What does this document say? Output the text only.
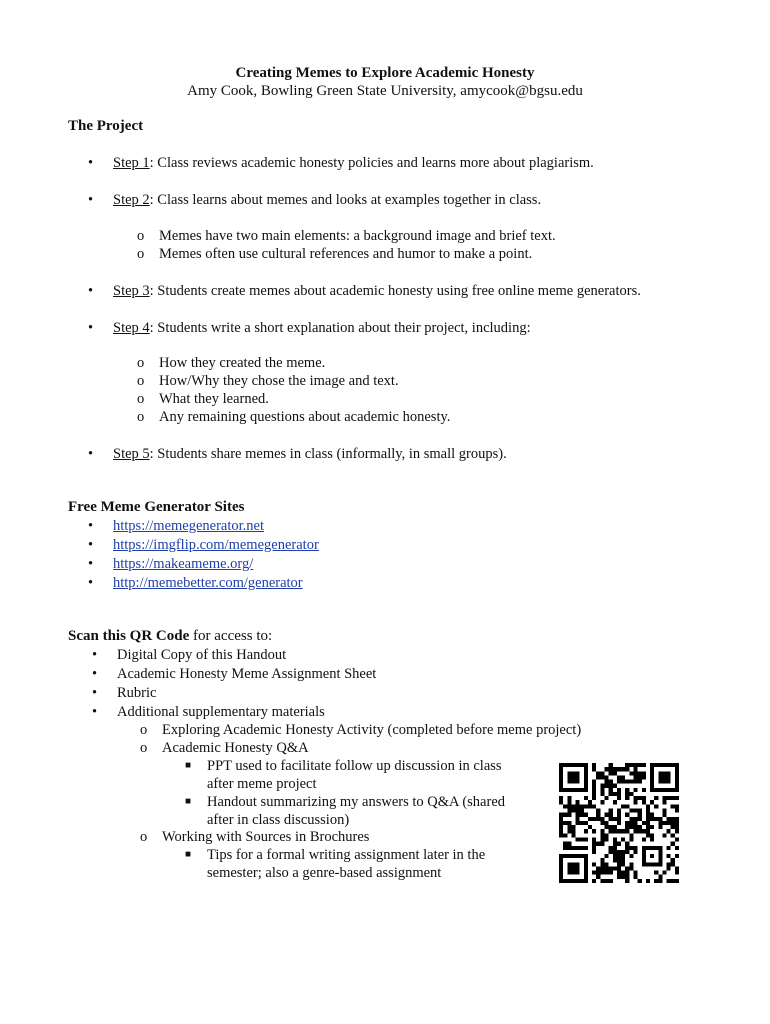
Creating Memes to Explore Academic Honesty
Amy Cook, Bowling Green State University, amycook@bgsu.edu
The Project
• Step 1: Class reviews academic honesty policies and learns more about plagiarism.
• Step 2: Class learns about memes and looks at examples together in class.
o Memes have two main elements: a background image and brief text.
o Memes often use cultural references and humor to make a point.
• Step 3: Students create memes about academic honesty using free online meme generators.
• Step 4: Students write a short explanation about their project, including:
o How they created the meme.
o How/Why they chose the image and text.
o What they learned.
o Any remaining questions about academic honesty.
• Step 5: Students share memes in class (informally, in small groups).
Free Meme Generator Sites
• https://memegenerator.net
• https://imgflip.com/memegenerator
• https://makeameme.org/
• http://memebetter.com/generator
Scan this QR Code for access to:
• Digital Copy of this Handout
• Academic Honesty Meme Assignment Sheet
• Rubric
• Additional supplementary materials
o Exploring Academic Honesty Activity (completed before meme project)
o Academic Honesty Q&A
■ PPT used to facilitate follow up discussion in class
after meme project
■ Handout summarizing my answers to Q&A (shared
after in class discussion)
o Working with Sources in Brochures
■ Tips for a formal writing assignment later in the
semester; also a genre-based assignment
